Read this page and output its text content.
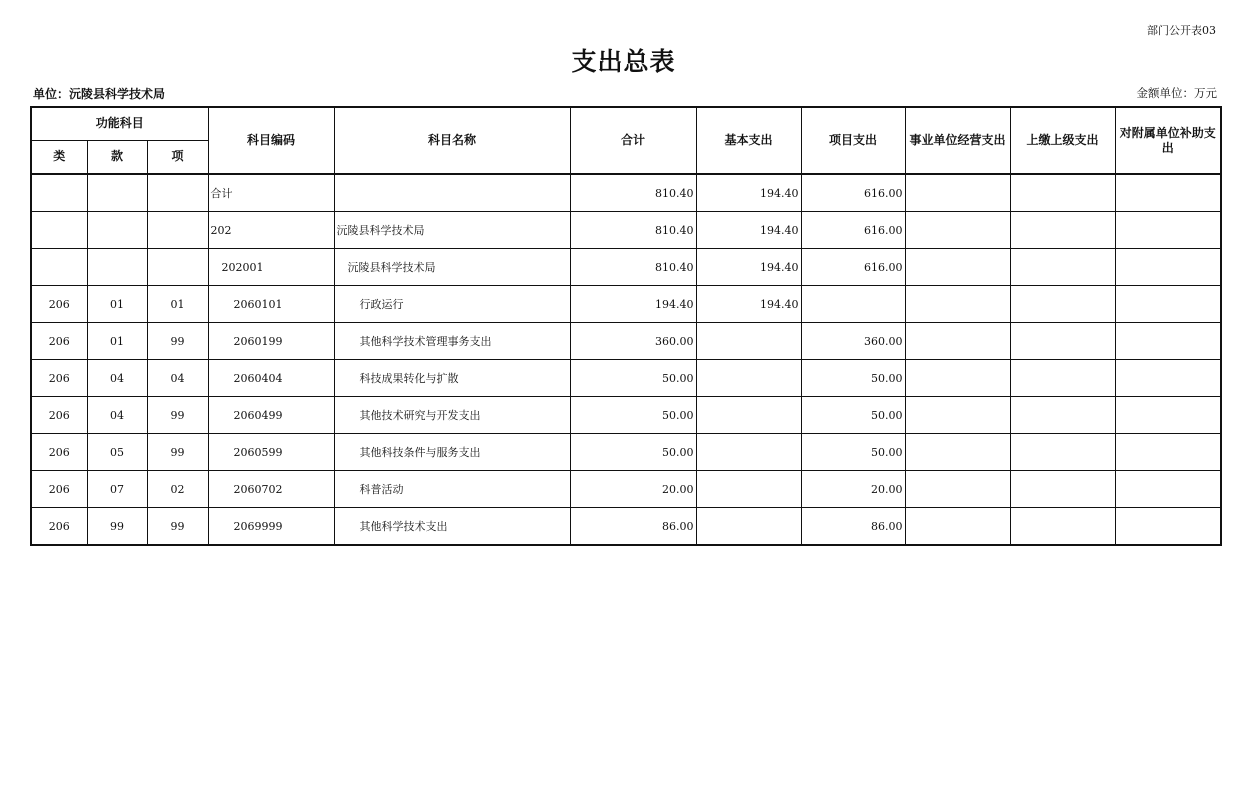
部门公开表03
支出总表
单位：沅陵县科学技术局	金额单位：万元
功能科目			科目编码	科目名称	合计	基本支出	项目支出	事业单位经营支出	上缴上级支出	对附属单位补助支出
类	款	项								
			合计		810.40	194.40	616.00			
			202	沅陵县科学技术局	810.40	194.40	616.00			
			202001	沅陵县科学技术局	810.40	194.40	616.00			
206	01	01	2060101	行政运行	194.40	194.40				
206	01	99	2060199	其他科学技术管理事务支出	360.00		360.00			
206	04	04	2060404	科技成果转化与扩散	50.00		50.00			
206	04	99	2060499	其他技术研究与开发支出	50.00		50.00			
206	05	99	2060599	其他科技条件与服务支出	50.00		50.00			
206	07	02	2060702	科普活动	20.00		20.00			
206	99	99	2069999	其他科学技术支出	86.00		86.00			
